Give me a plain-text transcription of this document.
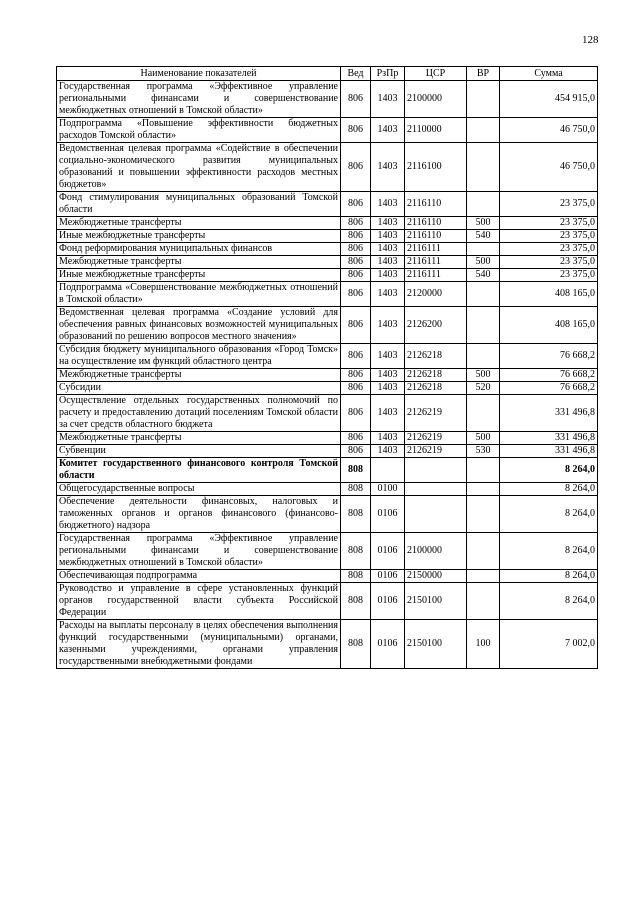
128
Наименование показателей	Вед	РзПр	ЦСР	ВР	Сумма
Государственная программа «Эффективное управление региональными финансами и совершенствование межбюджетных отношений в Томской области»	806	1403	2100000		454 915,0
Подпрограмма «Повышение эффективности бюджетных расходов Томской области»	806	1403	2110000		46 750,0
Ведомственная целевая программа «Содействие в обеспечении социально-экономического развития муниципальных образований и повышении эффективности расходов местных бюджетов»	806	1403	2116100		46 750,0
Фонд стимулирования муниципальных образований Томской области	806	1403	2116110		23 375,0
Межбюджетные трансферты	806	1403	2116110	500	23 375,0
Иные межбюджетные трансферты	806	1403	2116110	540	23 375,0
Фонд реформирования муниципальных финансов	806	1403	2116111		23 375,0
Межбюджетные трансферты	806	1403	2116111	500	23 375,0
Иные межбюджетные трансферты	806	1403	2116111	540	23 375,0
Подпрограмма «Совершенствование межбюджетных отношений в Томской области»	806	1403	2120000		408 165,0
Ведомственная целевая программа «Создание условий для обеспечения равных финансовых возможностей муниципальных образований по решению вопросов местного значения»	806	1403	2126200		408 165,0
Субсидия бюджету муниципального образования «Город Томск» на осуществление им функций областного центра	806	1403	2126218		76 668,2
Межбюджетные трансферты	806	1403	2126218	500	76 668,2
Субсидии	806	1403	2126218	520	76 668,2
Осуществление отдельных государственных полномочий по расчету и предоставлению дотаций поселениям Томской области за счет средств областного бюджета	806	1403	2126219		331 496,8
Межбюджетные трансферты	806	1403	2126219	500	331 496,8
Субвенции	806	1403	2126219	530	331 496,8
Комитет государственного финансового контроля Томской области	808				8 264,0
Общегосударственные вопросы	808	0100			8 264,0
Обеспечение деятельности финансовых, налоговых и таможенных органов и органов финансового (финансово-бюджетного) надзора	808	0106			8 264,0
Государственная программа «Эффективное управление региональными финансами и совершенствование межбюджетных отношений в Томской области»	808	0106	2100000		8 264,0
Обеспечивающая подпрограмма	808	0106	2150000		8 264,0
Руководство и управление в сфере установленных функций органов государственной власти субъекта Российской Федерации	808	0106	2150100		8 264,0
Расходы на выплаты персоналу в целях обеспечения выполнения функций государственными (муниципальными) органами, казенными учреждениями, органами управления государственными внебюджетными фондами	808	0106	2150100	100	7 002,0
